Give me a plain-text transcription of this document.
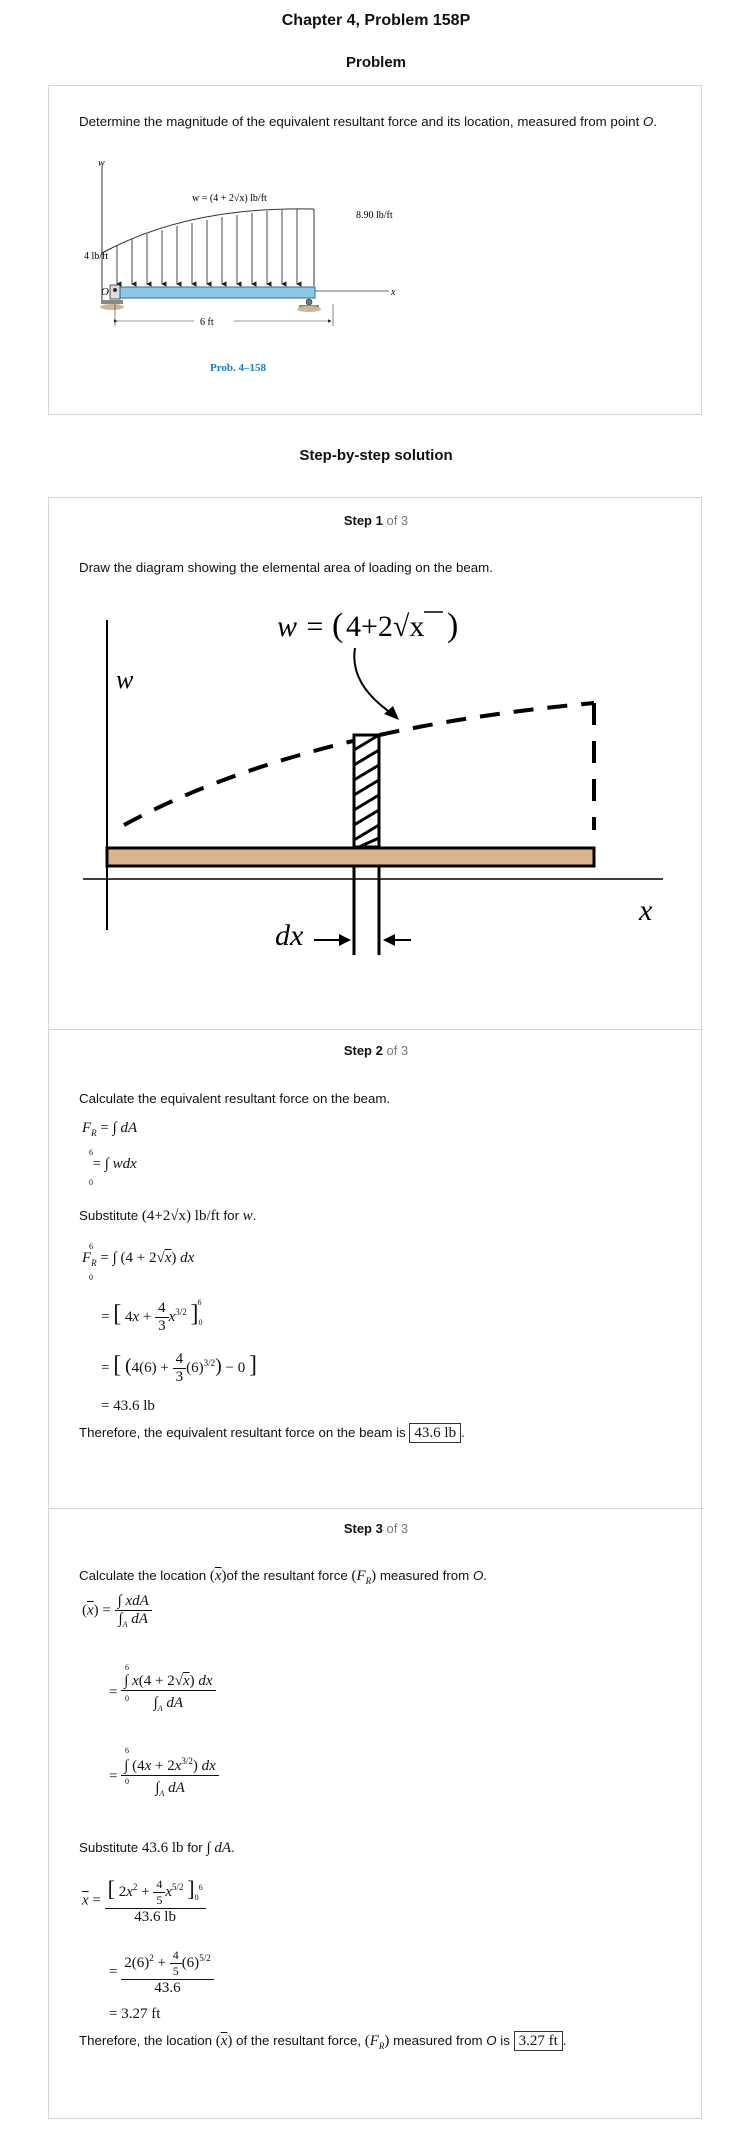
Chapter 4, Problem 158P
Problem
Determine the magnitude of the equivalent resultant force and its location, measured from point O.
w
w = (4 + 2√x) lb/ft
8.90 lb/ft
4 lb/ft
x
O
6 ft
Prob. 4–158
Step-by-step solution
Step 1 of 3
Draw the diagram showing the elemental area of loading on the beam.
w
w = ( 4+2√x )
x
dx
Step 2 of 3
Calculate the equivalent resultant force on the beam.
$F_R$ = ∫ dA
6
= ∫ wdx
0
Substitute (4+2√x) lb/ft for w.
6
$F_R$ = ∫ (4 + 2√x) dx
0
= [ $4x + \frac{4}{3} x^{3/2}$ ]$_0^6$
= [ $(4(6) + \frac{4}{3} (6)^{3/2}) - 0$ ]
= 43.6 lb
Therefore, the equivalent resultant force on the beam is 43.6 lb .
Step 3 of 3
Calculate the location $(\overline{x})of$ the resultant force $(F_R)$ measured from O.
$(\overline{x}) = \frac{\text{∫ xdA}}{\int_A dA}$
6
= $\frac{\int x(4 + 2√x) dx}{\int_A dA}$
0
6
= $\frac{\int (4x + 2x^{3/2}) dx}{\int_A dA}$
0
Substitute 43.6 lb for ∫ dA.
$\overline{x} = \frac{[ 2x^2 + \frac{4}{5} x^{5/2} ]_0^6}{43.6 lb}$
= $\frac{2(6)^2 + \frac{4}{5} (6)^{5/2}}{43.6}$
= 3.27 ft
Therefore, the location $(\overline{x})$ of the resultant force, $(F_R)$ measured from O is 3.27 ft .
